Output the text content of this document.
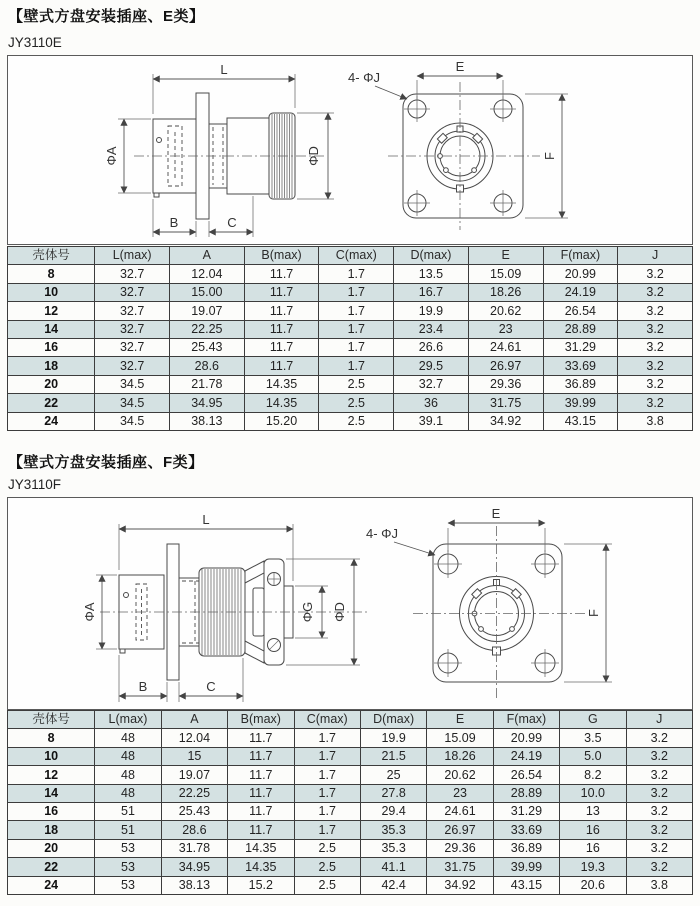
【壁式方盘安装插座、E类】
JY3110E
L
ΦA	ΦD
B	C
E
F
4- ΦJ
壳体号	L(max)	A	B(max)	C(max)	D(max)	E	F(max)	J
8	32.7	12.04	11.7	1.7	13.5	15.09	20.99	3.2
10	32.7	15.00	11.7	1.7	16.7	18.26	24.19	3.2
12	32.7	19.07	11.7	1.7	19.9	20.62	26.54	3.2
14	32.7	22.25	11.7	1.7	23.4	23	28.89	3.2
16	32.7	25.43	11.7	1.7	26.6	24.61	31.29	3.2
18	32.7	28.6	11.7	1.7	29.5	26.97	33.69	3.2
20	34.5	21.78	14.35	2.5	32.7	29.36	36.89	3.2
22	34.5	34.95	14.35	2.5	36	31.75	39.99	3.2
24	34.5	38.13	15.20	2.5	39.1	34.92	43.15	3.8
【壁式方盘安装插座、F类】
JY3110F
L
ΦA	ΦG ΦD
B	C
E
F
4- ΦJ
壳体号	L(max)	A	B(max)	C(max)	D(max)	E	F(max)	G	J
8	48	12.04	11.7	1.7	19.9	15.09	20.99	3.5	3.2
10	48	15	11.7	1.7	21.5	18.26	24.19	5.0	3.2
12	48	19.07	11.7	1.7	25	20.62	26.54	8.2	3.2
14	48	22.25	11.7	1.7	27.8	23	28.89	10.0	3.2
16	51	25.43	11.7	1.7	29.4	24.61	31.29	13	3.2
18	51	28.6	11.7	1.7	35.3	26.97	33.69	16	3.2
20	53	31.78	14.35	2.5	35.3	29.36	36.89	16	3.2
22	53	34.95	14.35	2.5	41.1	31.75	39.99	19.3	3.2
24	53	38.13	15.2	2.5	42.4	34.92	43.15	20.6	3.8
